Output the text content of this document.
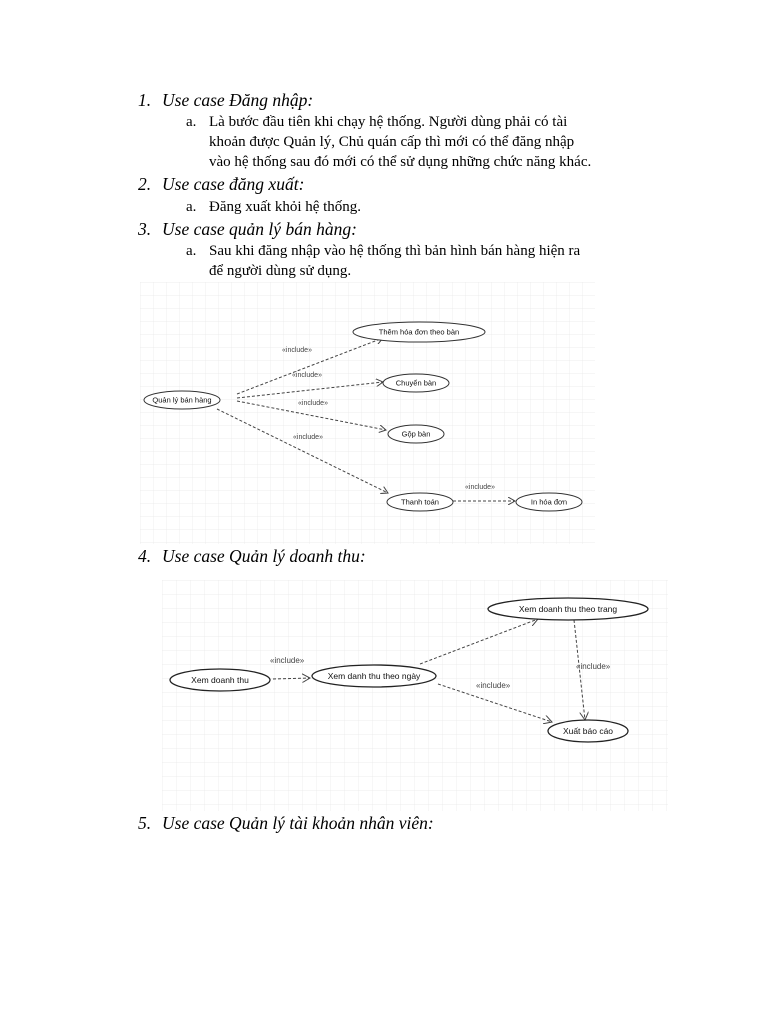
1. Use case Đăng nhập:
a. Là bước đầu tiên khi chạy hệ thống. Người dùng phải có tài
khoản được Quản lý, Chủ quán cấp thì mới có thể đăng nhập
vào hệ thống sau đó mới có thể sử dụng những chức năng khác.
2. Use case đăng xuất:
a. Đăng xuất khỏi hệ thống.
3. Use case quản lý bán hàng:
a. Sau khi đăng nhập vào hệ thống thì bản hình bán hàng hiện ra
để người dùng sử dụng.
«include»
«include»
«include»
«include»
«include»
Quản lý bán hàng
Thêm hóa đơn theo bàn
Chuyển bàn
Gộp bàn
Thanh toán	In hóa đơn
4. Use case Quản lý doanh thu:
«include»
«include»
«include»
Xem doanh thu	Xem danh thu theo ngày
Xem doanh thu theo trang
Xuất báo cáo
5. Use case Quản lý tài khoản nhân viên:
